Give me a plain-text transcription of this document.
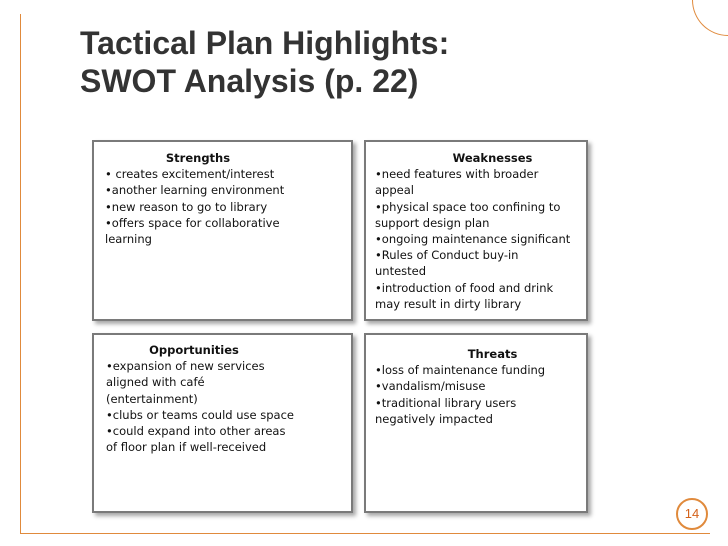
Tactical Plan Highlights:
SWOT Analysis (p. 22)
Strengths
• creates excitement/interest
•another learning environment
•new reason to go to library
•offers space for collaborative
learning
Weaknesses
•need features with broader
appeal
•physical space too confining to
support design plan
•ongoing maintenance significant
•Rules of Conduct buy-in
untested
•introduction of food and drink
may result in dirty library
Opportunities
•expansion of new services
aligned with café
(entertainment)
•clubs or teams could use space
•could expand into other areas
of floor plan if well-received
Threats
•loss of maintenance funding
•vandalism/misuse
•traditional library users
negatively impacted
14
